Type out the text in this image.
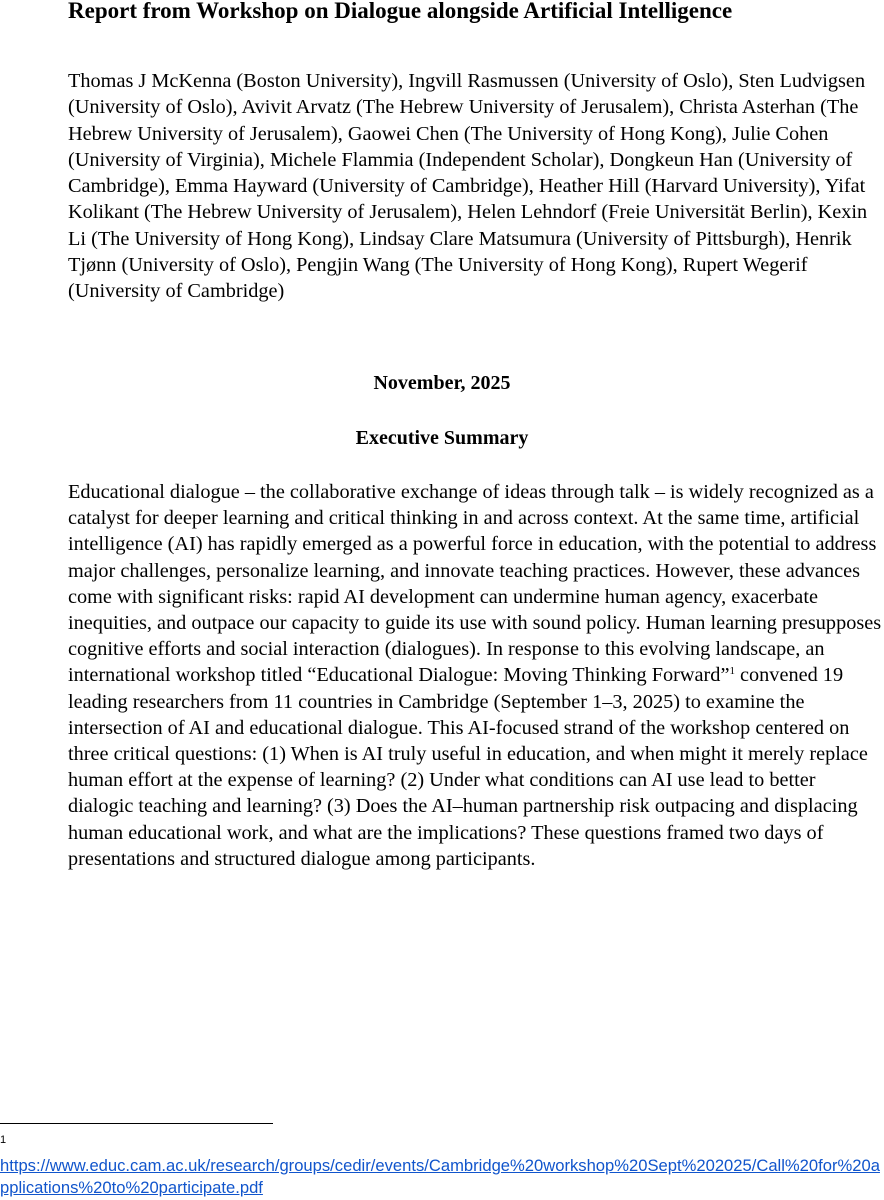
Report from Workshop on Dialogue alongside Artificial Intelligence

Thomas J McKenna (Boston University), Ingvill Rasmussen (University of Oslo), Sten Ludvigsen (University of Oslo), Avivit Arvatz (The Hebrew University of Jerusalem), Christa Asterhan (The Hebrew University of Jerusalem), Gaowei Chen (The University of Hong Kong), Julie Cohen (University of Virginia), Michele Flammia (Independent Scholar), Dongkeun Han (University of Cambridge), Emma Hayward (University of Cambridge), Heather Hill (Harvard University), Yifat Kolikant (The Hebrew University of Jerusalem), Helen Lehndorf (Freie Universität Berlin), Kexin Li (The University of Hong Kong), Lindsay Clare Matsumura (University of Pittsburgh), Henrik Tjønn (University of Oslo), Pengjin Wang (The University of Hong Kong), Rupert Wegerif (University of Cambridge)

November, 2025
Executive Summary

Educational dialogue – the collaborative exchange of ideas through talk – is widely recognized as a catalyst for deeper learning and critical thinking in and across context. At the same time, artificial intelligence (AI) has rapidly emerged as a powerful force in education, with the potential to address major challenges, personalize learning, and innovate teaching practices. However, these advances come with significant risks: rapid AI development can undermine human agency, exacerbate inequities, and outpace our capacity to guide its use with sound policy. Human learning presupposes cognitive efforts and social interaction (dialogues). In response to this evolving landscape, an international workshop titled “Educational Dialogue: Moving Thinking Forward”$^1$ convened 19 leading researchers from 11 countries in Cambridge (September 1–3, 2025) to examine the intersection of AI and educational dialogue. This AI-focused strand of the workshop centered on three critical questions: (1) When is AI truly useful in education, and when might it merely replace human effort at the expense of learning? (2) Under what conditions can AI use lead to better dialogic teaching and learning? (3) Does the AI–human partnership risk outpacing and displacing human educational work, and what are the implications? These questions framed two days of presentations and structured dialogue among participants.

1
https://www.educ.cam.ac.uk/research/groups/cedir/events/Cambridge%20workshop%20Sept%202025/Call%20for%20applications%20to%20participate.pdf
